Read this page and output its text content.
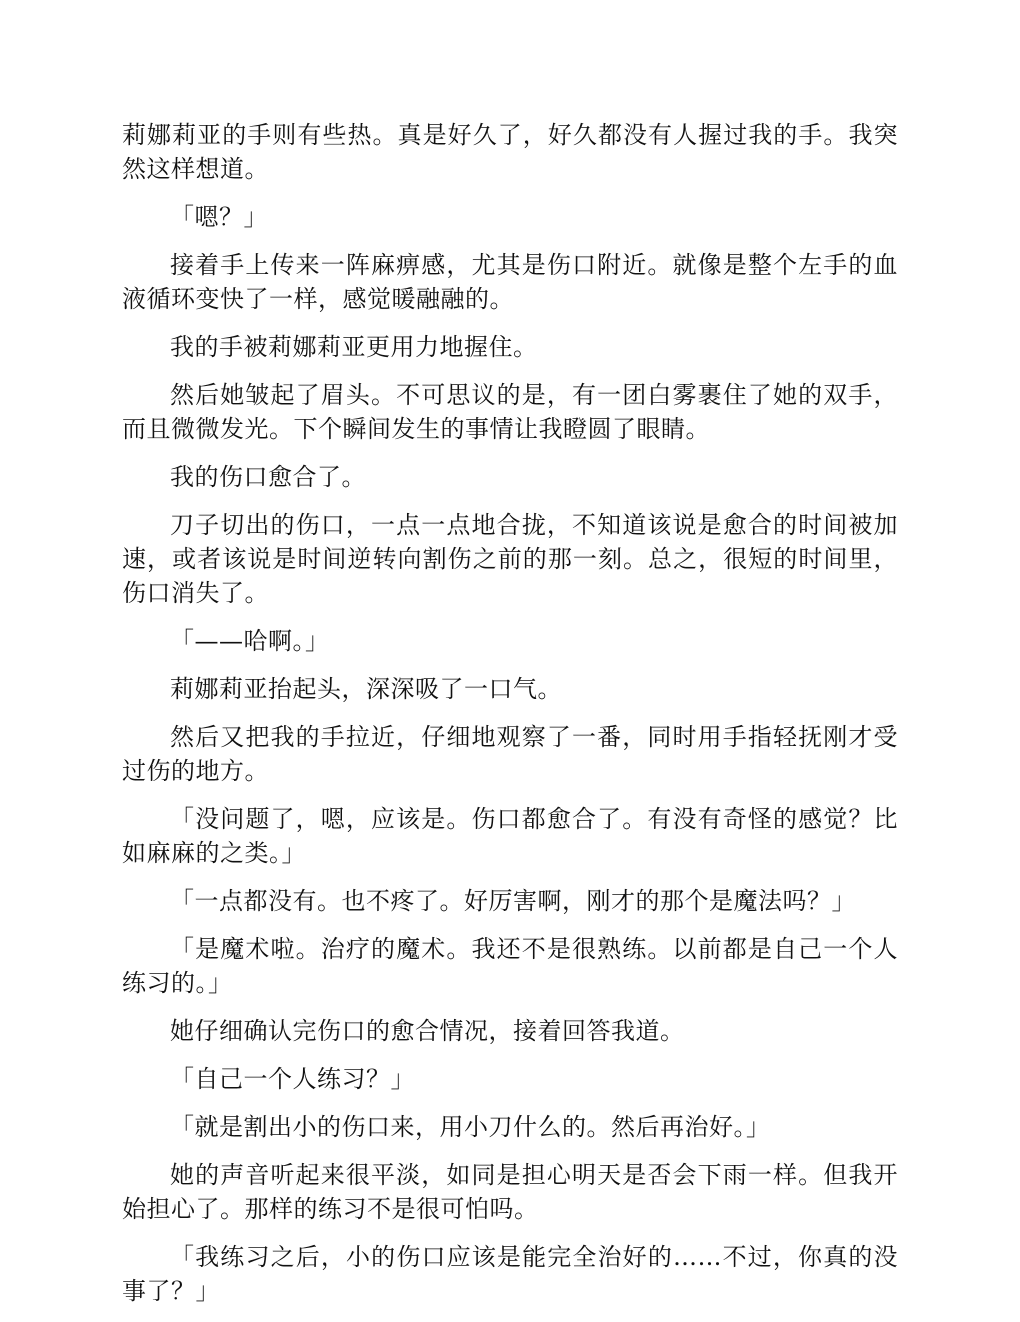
莉娜莉亚的手则有些热。真是好久了，好久都没有人握过我的手。我突然这样想道。

「嗯？」

接着手上传来一阵麻痹感，尤其是伤口附近。就像是整个左手的血液循环变快了一样，感觉暖融融的。

我的手被莉娜莉亚更用力地握住。

然后她皱起了眉头。不可思议的是，有一团白雾裹住了她的双手，而且微微发光。下个瞬间发生的事情让我瞪圆了眼睛。

我的伤口愈合了。

刀子切出的伤口，一点一点地合拢，不知道该说是愈合的时间被加速，或者该说是时间逆转向割伤之前的那一刻。总之，很短的时间里，伤口消失了。

「——哈啊。」

莉娜莉亚抬起头，深深吸了一口气。

然后又把我的手拉近，仔细地观察了一番，同时用手指轻抚刚才受过伤的地方。

「没问题了，嗯，应该是。伤口都愈合了。有没有奇怪的感觉？比如麻麻的之类。」

「一点都没有。也不疼了。好厉害啊，刚才的那个是魔法吗？」

「是魔术啦。治疗的魔术。我还不是很熟练。以前都是自己一个人练习的。」

她仔细确认完伤口的愈合情况，接着回答我道。

「自己一个人练习？」

「就是割出小的伤口来，用小刀什么的。然后再治好。」

她的声音听起来很平淡，如同是担心明天是否会下雨一样。但我开始担心了。那样的练习不是很可怕吗。

「我练习之后，小的伤口应该是能完全治好的……不过，你真的没事了？」
